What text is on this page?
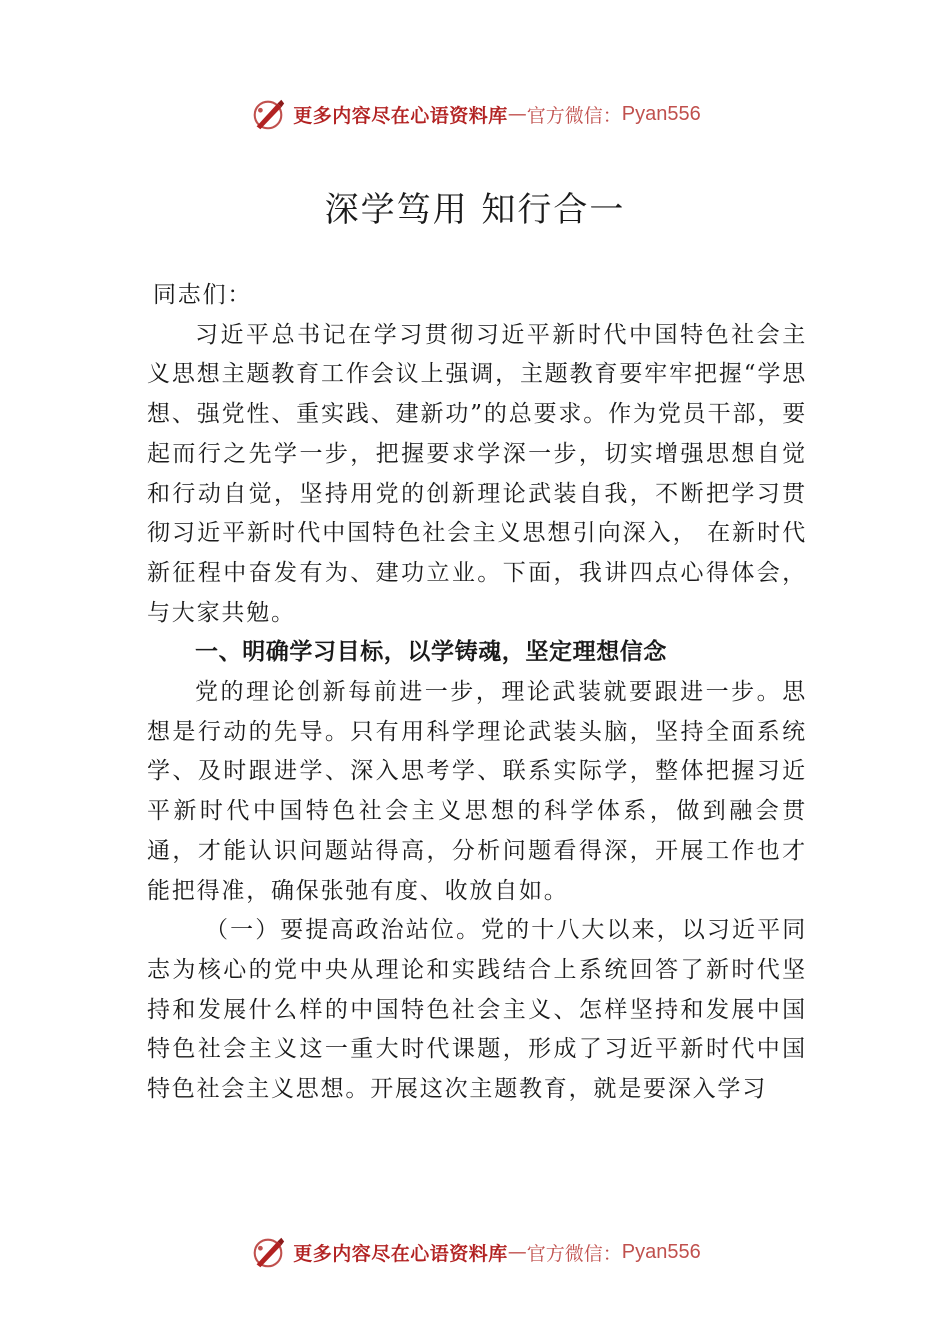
更多内容尽在心语资料库 — 官方微信： Pyan556
深学笃用 知行合一

同志们：

习近平总书记在学习贯彻习近平新时代中国特色社会主义思想主题教育工作会议上强调，主题教育要牢牢把握“学思想、强党性、重实践、建新功”的总要求。作为党员干部，要起而行之先学一步，把握要求学深一步，切实增强思想自觉和行动自觉，坚持用党的创新理论武装自我，不断把学习贯彻习近平新时代中国特色社会主义思想引向深入， 在新时代新征程中奋发有为、建功立业。下面，我讲四点心得体会，与大家共勉。

一、明确学习目标，以学铸魂，坚定理想信念

党的理论创新每前进一步，理论武装就要跟进一步。思想是行动的先导。只有用科学理论武装头脑，坚持全面系统学、及时跟进学、深入思考学、联系实际学，整体把握习近平新时代中国特色社会主义思想的科学体系，做到融会贯通，才能认识问题站得高，分析问题看得深，开展工作也才能把得准，确保张弛有度、收放自如。

（一）要提高政治站位。党的十八大以来，以习近平同志为核心的党中央从理论和实践结合上系统回答了新时代坚持和发展什么样的中国特色社会主义、怎样坚持和发展中国特色社会主义这一重大时代课题，形成了习近平新时代中国特色社会主义思想。开展这次主题教育，就是要深入学习

更多内容尽在心语资料库 — 官方微信： Pyan556
